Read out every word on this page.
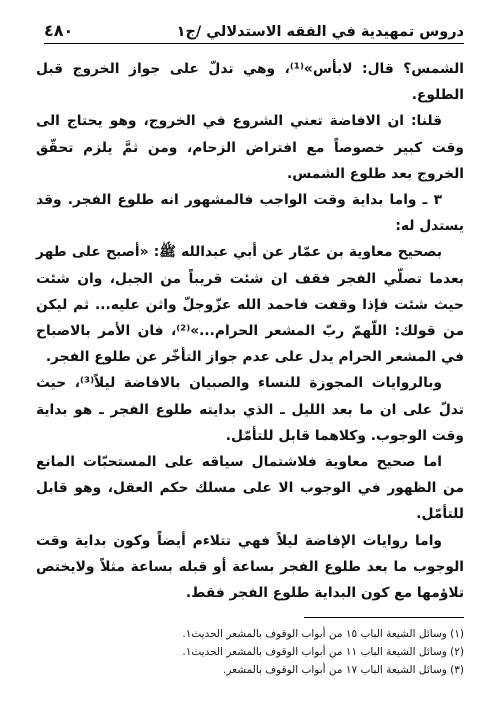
دروس تمهيدية في الفقه الاستدلالي /ج١
٤٨٠

الشمس؟ قال: لابأس»⁽¹⁾، وهي تدلّ على جواز الخروج قبل الطلوع.

قلنا: ان الافاضة تعني الشروع في الخروج، وهو يحتاج الى وقت كبير خصوصاً مع افتراض الزحام، ومن ثمَّ يلزم تحقّق الخروج بعد طلوع الشمس.

٣ ـ واما بداية وقت الواجب فالمشهور انه طلوع الفجر. وقد يستدل له:

بصحيح معاوية بن عمّار عن أبي عبدالله ﷺ: «أصبح على طهر بعدما تصلّي الفجر فقف ان شئت قريباً من الجبل، وان شئت حيث شئت فإذا وقفت فاحمد الله عزّوجلّ واثن عليه... ثم ليكن من قولك: اللّهمّ ربّ المشعر الحرام...»⁽²⁾، فان الأمر بالاصباح في المشعر الحرام يدل على عدم جواز التأخّر عن طلوع الفجر.

وبالروايات المجوزة للنساء والصبيان بالافاضة ليلاً⁽³⁾، حيث تدلّ على ان ما بعد الليل ـ الذي بدايته طلوع الفجر ـ هو بداية وقت الوجوب. وكلاهما قابل للتأمّل.

اما صحيح معاوية فلاشتمال سياقه على المستحبّات المانع من الظهور في الوجوب الا على مسلك حكم العقل، وهو قابل للتأمّل.

واما روايات الإفاضة ليلاً فهي تتلاءم أيضاً وكون بداية وقت الوجوب ما بعد طلوع الفجر بساعة أو قبله بساعة مثلاً ولايختص تلاؤمها مع كون البداية طلوع الفجر فقط.

(١) وسائل الشيعة الباب ١٥ من أبواب الوقوف بالمشعر الحديث١.
(٢) وسائل الشيعة الباب ١١ من أبواب الوقوف بالمشعر الحديث١.
(٣) وسائل الشيعة الباب ١٧ من أبواب الوقوف بالمشعر.
